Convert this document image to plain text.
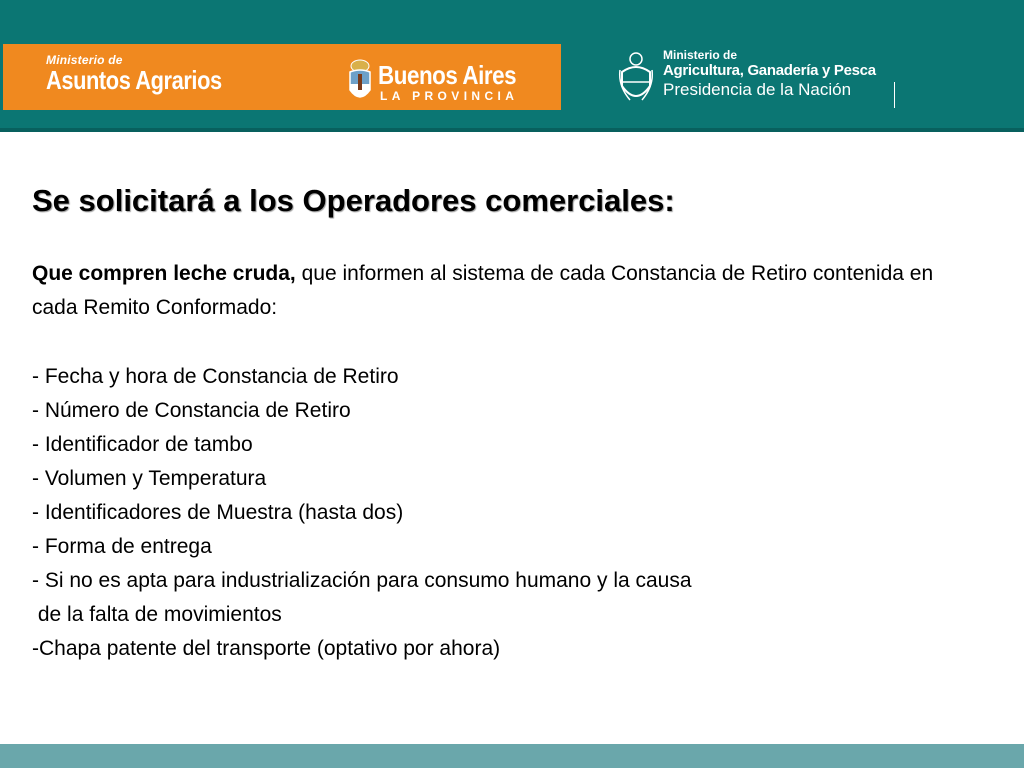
Ministerio de
Asuntos Agrarios	Buenos Aires
LA PROVINCIA
Ministerio de
Agricultura, Ganadería y Pesca
Presidencia de la Nación
Se solicitará a los Operadores comerciales:

Que compren leche cruda, que informen al sistema de cada Constancia de Retiro contenida en cada Remito Conformado:

- Fecha y hora de Constancia de Retiro
- Número de Constancia de Retiro
- Identificador de tambo
- Volumen y Temperatura
- Identificadores de Muestra (hasta dos)
- Forma de entrega
- Si no es apta para industrialización para consumo humano y la causa
de la falta de movimientos
-Chapa patente del transporte (optativo por ahora)
